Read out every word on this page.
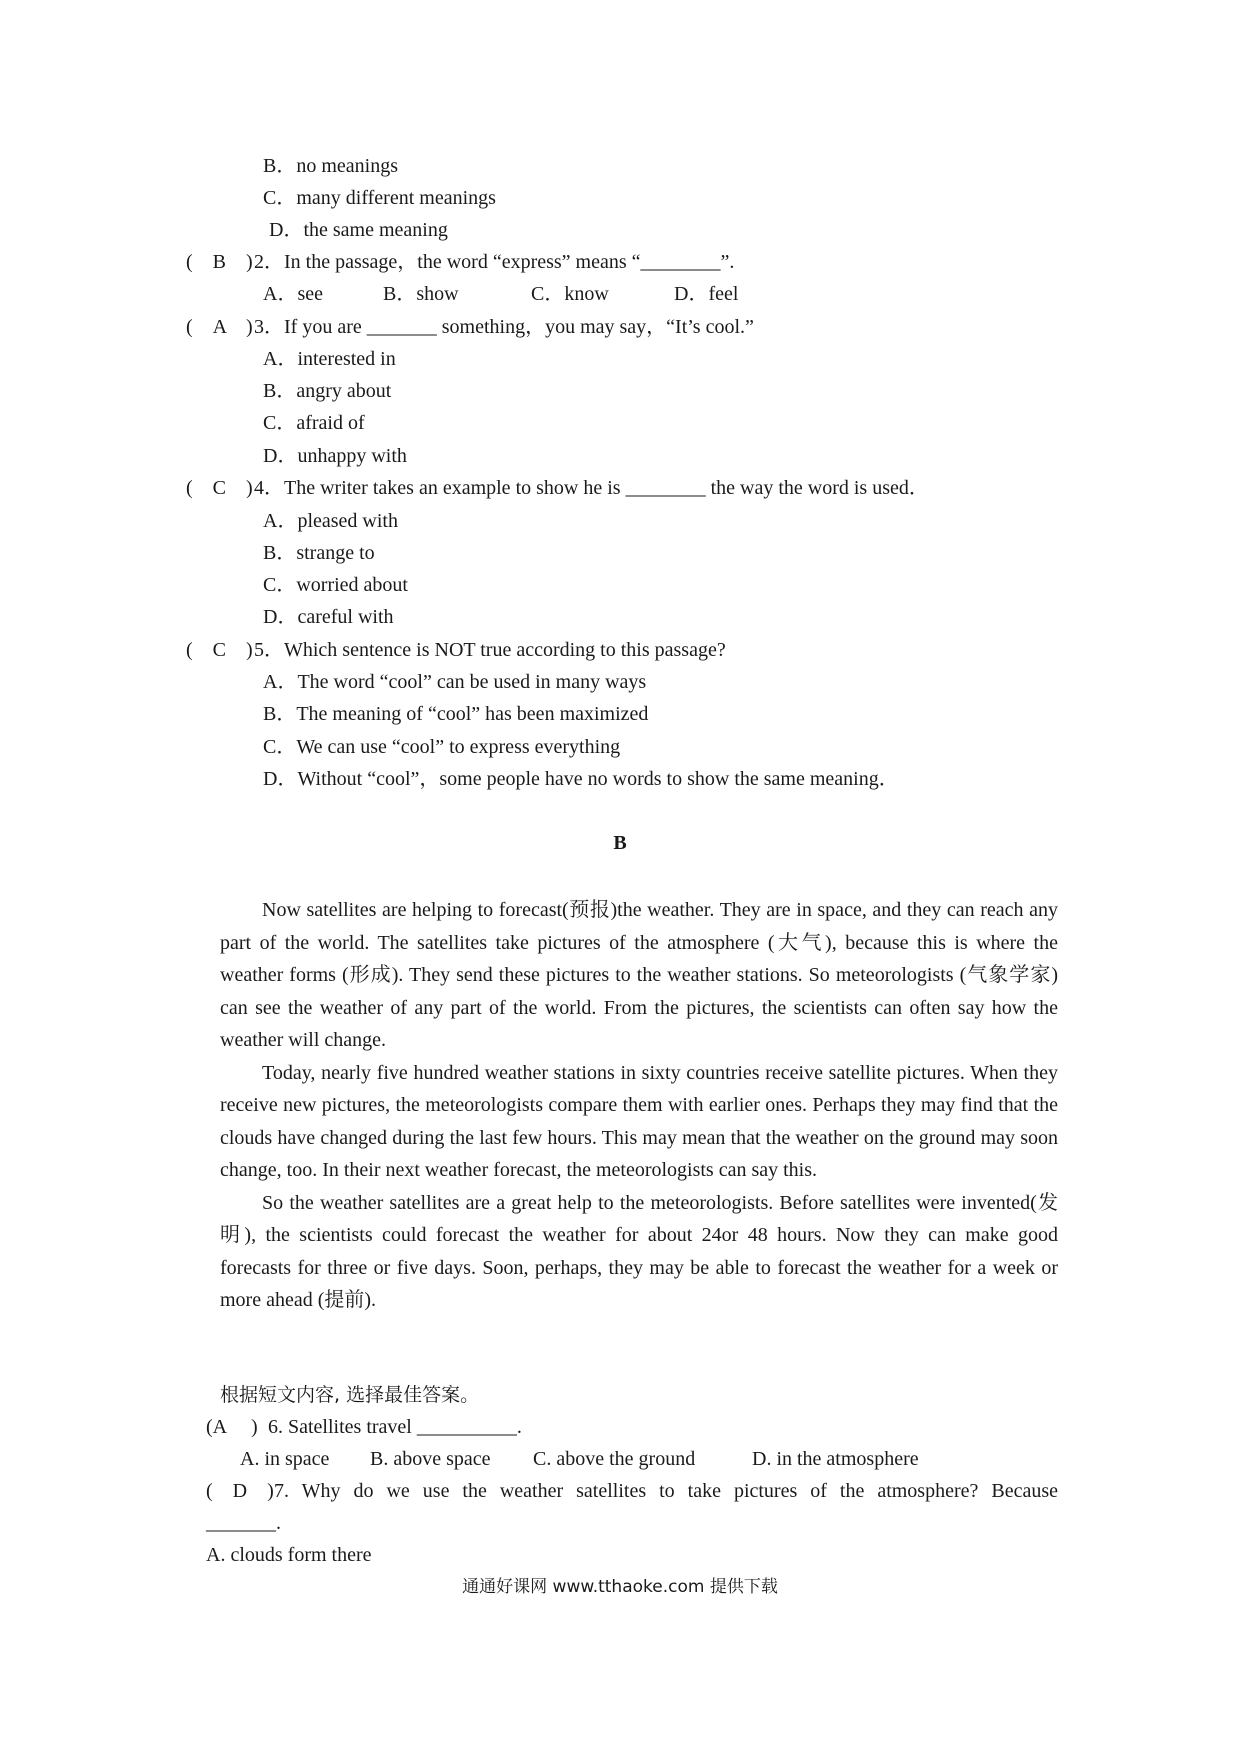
B．no meanings
C．many different meanings
D．the same meaning
(　B　) 2．In the passage，the word “express” means “________”.
A．see	B．show	C．know	D．feel
(　A　) 3．If you are _______ something，you may say，“It’s cool.”
A．interested in
B．angry about
C．afraid of
D．unhappy with
(　C　) 4．The writer takes an example to show he is ________ the way the word is used．
A．pleased with
B．strange to
C．worried about
D．careful with
(　C　) 5．Which sentence is NOT true according to this passage?
A．The word “cool” can be used in many ways
B．The meaning of “cool” has been maximized
C．We can use “cool” to express everything
D．Without “cool”，some people have no words to show the same meaning．
B

Now satellites are helping to forecast(预报)the weather. They are in space, and they can reach any part of the world. The satellites take pictures of the atmosphere (大气), because this is where the weather forms (形成). They send these pictures to the weather stations. So meteorologists (气象学家) can see the weather of any part of the world. From the pictures, the scientists can often say how the weather will change.

Today, nearly five hundred weather stations in sixty countries receive satellite pictures. When they receive new pictures, the meteorologists compare them with earlier ones. Perhaps they may find that the clouds have changed during the last few hours. This may mean that the weather on the ground may soon change, too. In their next weather forecast, the meteorologists can say this.

So the weather satellites are a great help to the meteorologists. Before satellites were invented(发明), the scientists could forecast the weather for about 24or 48 hours. Now they can make good forecasts for three or five days. Soon, perhaps, they may be able to forecast the weather for a week or more ahead (提前).

根据短文内容, 选择最佳答案。
(A　 ) 6. Satellites travel __________.
A. in space B. above space C. above the ground	D. in the atmosphere
(　D　) 7. Why do we use the weather satellites to take pictures of the atmosphere? Because
_______.
A. clouds form there
通通好课网 www.tthaoke.com 提供下载
